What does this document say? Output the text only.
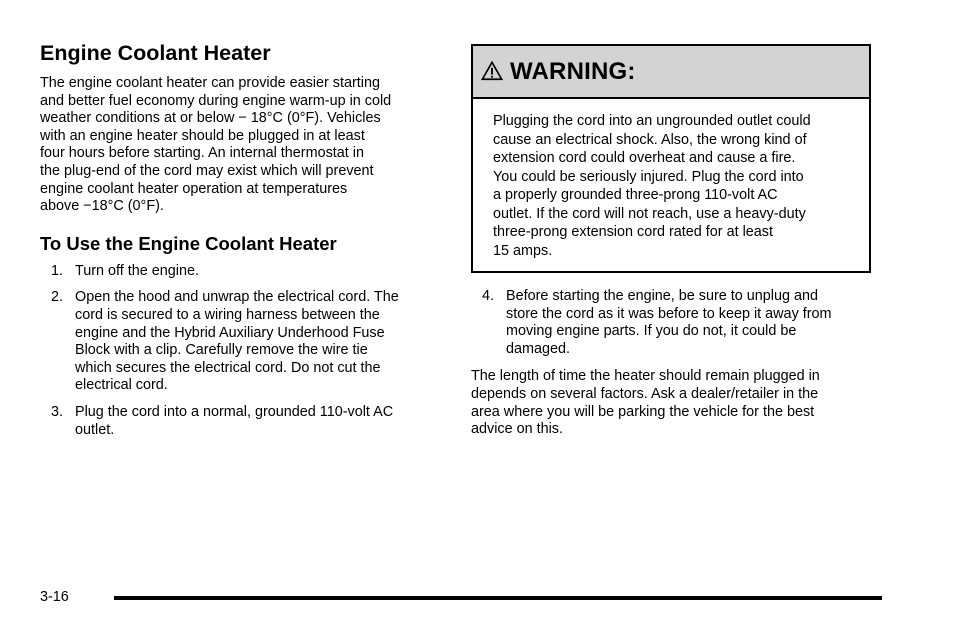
Engine Coolant Heater

The engine coolant heater can provide easier starting
and better fuel economy during engine warm-up in cold
weather conditions at or below − 18°C (0°F). Vehicles
with an engine heater should be plugged in at least
four hours before starting. An internal thermostat in
the plug-end of the cord may exist which will prevent
engine coolant heater operation at temperatures
above −18°C (0°F).

To Use the Engine Coolant Heater
1. Turn off the engine.
2. Open the hood and unwrap the electrical cord. The
cord is secured to a wiring harness between the
engine and the Hybrid Auxiliary Underhood Fuse
Block with a clip. Carefully remove the wire tie
which secures the electrical cord. Do not cut the
electrical cord.
3. Plug the cord into a normal, grounded 110-volt AC
outlet.
WARNING:
Plugging the cord into an ungrounded outlet could
cause an electrical shock. Also, the wrong kind of
extension cord could overheat and cause a fire.
You could be seriously injured. Plug the cord into
a properly grounded three-prong 110-volt AC
outlet. If the cord will not reach, use a heavy-duty
three-prong extension cord rated for at least
15 amps.
4. Before starting the engine, be sure to unplug and
store the cord as it was before to keep it away from
moving engine parts. If you do not, it could be
damaged.

The length of time the heater should remain plugged in
depends on several factors. Ask a dealer/retailer in the
area where you will be parking the vehicle for the best
advice on this.

3-16
